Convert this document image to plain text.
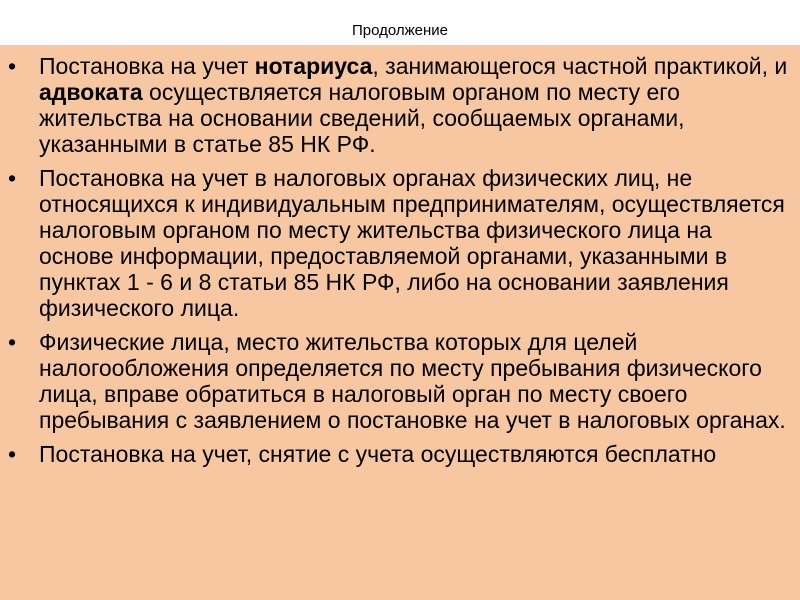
Продолжение
• Постановка на учет нотариуса, занимающегося частной практикой, и адвоката осуществляется налоговым органом по месту его жительства на основании сведений, сообщаемых органами, указанными в статье 85 НК РФ.
• Постановка на учет в налоговых органах физических лиц, не относящихся к индивидуальным предпринимателям, осуществляется налоговым органом по месту жительства физического лица на основе информации, предоставляемой органами, указанными в пунктах 1 - 6 и 8 статьи 85 НК РФ, либо на основании заявления физического лица.
• Физические лица, место жительства которых для целей налогообложения определяется по месту пребывания физического лица, вправе обратиться в налоговый орган по месту своего пребывания с заявлением о постановке на учет в налоговых органах.
• Постановка на учет, снятие с учета осуществляются бесплатно
